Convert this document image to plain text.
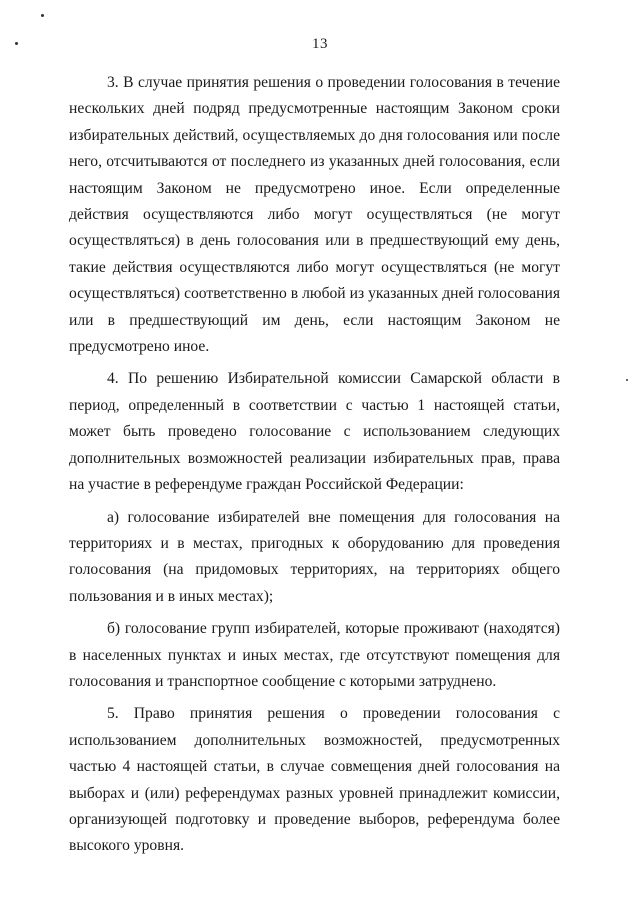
13

3. В случае принятия решения о проведении голосования в течение нескольких дней подряд предусмотренные настоящим Законом сроки избирательных действий, осуществляемых до дня голосования или после него, отсчитываются от последнего из указанных дней голосования, если настоящим Законом не предусмотрено иное. Если определенные действия осуществляются либо могут осуществляться (не могут осуществляться) в день голосования или в предшествующий ему день, такие действия осуществляются либо могут осуществляться (не могут осуществляться) соответственно в любой из указанных дней голосования или в предшествующий им день, если настоящим Законом не предусмотрено иное.

4. По решению Избирательной комиссии Самарской области в период, определенный в соответствии с частью 1 настоящей статьи, может быть проведено голосование с использованием следующих дополнительных возможностей реализации избирательных прав, права на участие в референдуме граждан Российской Федерации:

а) голосование избирателей вне помещения для голосования на территориях и в местах, пригодных к оборудованию для проведения голосования (на придомовых территориях, на территориях общего пользования и в иных местах);

б) голосование групп избирателей, которые проживают (находятся) в населенных пунктах и иных местах, где отсутствуют помещения для голосования и транспортное сообщение с которыми затруднено.

5. Право принятия решения о проведении голосования с использованием дополнительных возможностей, предусмотренных частью 4 настоящей статьи, в случае совмещения дней голосования на выборах и (или) референдумах разных уровней принадлежит комиссии, организующей подготовку и проведение выборов, референдума более высокого уровня.
